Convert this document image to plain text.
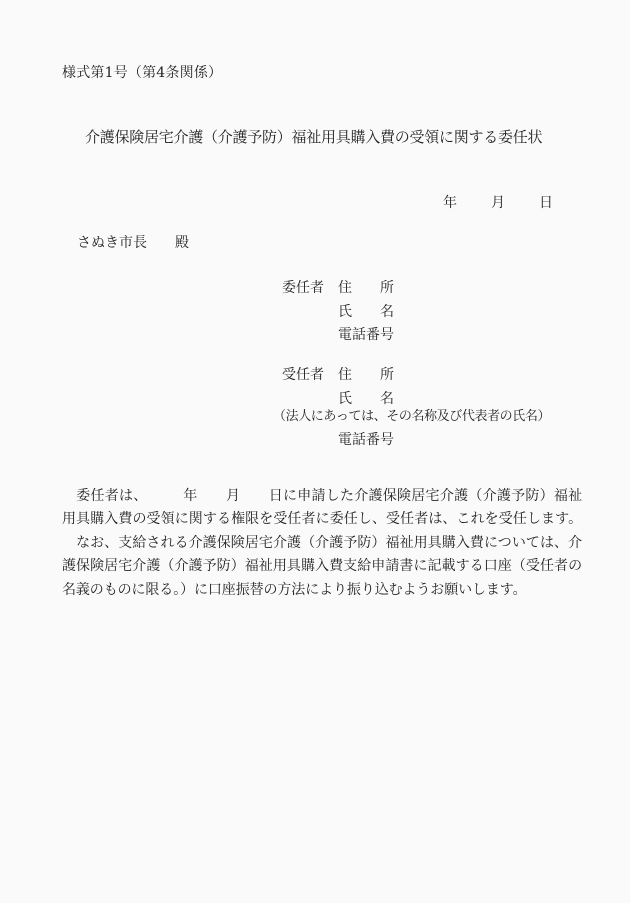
様式第1号（第4条関係）
介護保険居宅介護（介護予防）福祉用具購入費の受領に関する委任状
年 月 日
さぬき市長　　殿
委任者　住　　所
　　　　氏　　名
　　　　電話番号
受任者　住　　所
　　　　氏　　名
（法人にあっては、その名称及び代表者の氏名）
　　　　電話番号
　委任者は、　　　年　　月　　日に申請した介護保険居宅介護（介護予防）福祉
用具購入費の受領に関する権限を受任者に委任し、受任者は、これを受任します。
　なお、支給される介護保険居宅介護（介護予防）福祉用具購入費については、介
護保険居宅介護（介護予防）福祉用具購入費支給申請書に記載する口座（受任者の
名義のものに限る。）に口座振替の方法により振り込むようお願いします。
